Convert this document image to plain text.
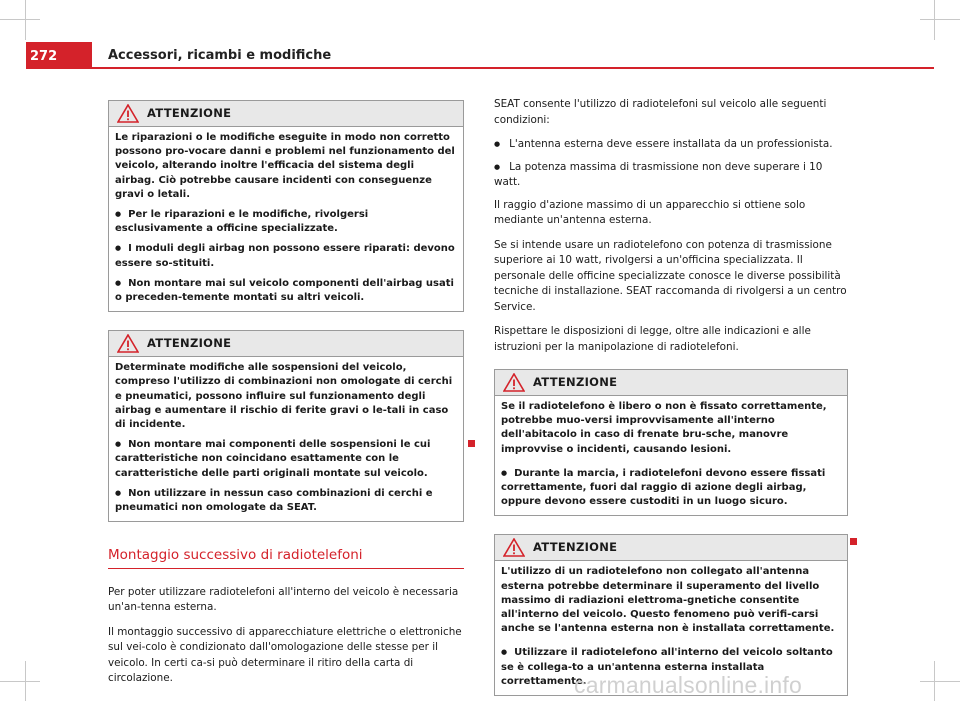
272	Accessori, ricambi e modifiche
ATTENZIONE

Le riparazioni o le modifiche eseguite in modo non corretto possono pro-vocare danni e problemi nel funzionamento del veicolo, alterando inoltre l'efficacia del sistema degli airbag. Ciò potrebbe causare incidenti con conseguenze gravi o letali.

● Per le riparazioni e le modifiche, rivolgersi esclusivamente a officine specializzate.

● I moduli degli airbag non possono essere riparati: devono essere so-stituiti.

● Non montare mai sul veicolo componenti dell'airbag usati o preceden-temente montati su altri veicoli.

ATTENZIONE

Determinate modifiche alle sospensioni del veicolo, compreso l'utilizzo di combinazioni non omologate di cerchi e pneumatici, possono influire sul funzionamento degli airbag e aumentare il rischio di ferite gravi o le-tali in caso di incidente.

● Non montare mai componenti delle sospensioni le cui caratteristiche non coincidano esattamente con le caratteristiche delle parti originali montate sul veicolo.

● Non utilizzare in nessun caso combinazioni di cerchi e pneumatici non omologate da SEAT.

Montaggio successivo di radiotelefoni

Per poter utilizzare radiotelefoni all'interno del veicolo è necessaria un'an-tenna esterna.

Il montaggio successivo di apparecchiature elettriche o elettroniche sul vei-colo è condizionato dall'omologazione delle stesse per il veicolo. In certi ca-si può determinare il ritiro della carta di circolazione.

SEAT consente l'utilizzo di radiotelefoni sul veicolo alle seguenti condizioni:

● L'antenna esterna deve essere installata da un professionista.

● La potenza massima di trasmissione non deve superare i 10 watt.

Il raggio d'azione massimo di un apparecchio si ottiene solo mediante un'antenna esterna.

Se si intende usare un radiotelefono con potenza di trasmissione superiore ai 10 watt, rivolgersi a un'officina specializzata. Il personale delle officine specializzate conosce le diverse possibilità tecniche di installazione. SEAT raccomanda di rivolgersi a un centro Service.

Rispettare le disposizioni di legge, oltre alle indicazioni e alle istruzioni per la manipolazione di radiotelefoni.

ATTENZIONE

Se il radiotelefono è libero o non è fissato correttamente, potrebbe muo-versi improvvisamente all'interno dell'abitacolo in caso di frenate bru-sche, manovre improvvise o incidenti, causando lesioni.

● Durante la marcia, i radiotelefoni devono essere fissati correttamente, fuori dal raggio di azione degli airbag, oppure devono essere custoditi in un luogo sicuro.

ATTENZIONE

L'utilizzo di un radiotelefono non collegato all'antenna esterna potrebbe determinare il superamento del livello massimo di radiazioni elettroma-gnetiche consentite all'interno del veicolo. Questo fenomeno può verifi-carsi anche se l'antenna esterna non è installata correttamente.

● Utilizzare il radiotelefono all'interno del veicolo soltanto se è collega-to a un'antenna esterna installata correttamente.

carmanualsonline.info
